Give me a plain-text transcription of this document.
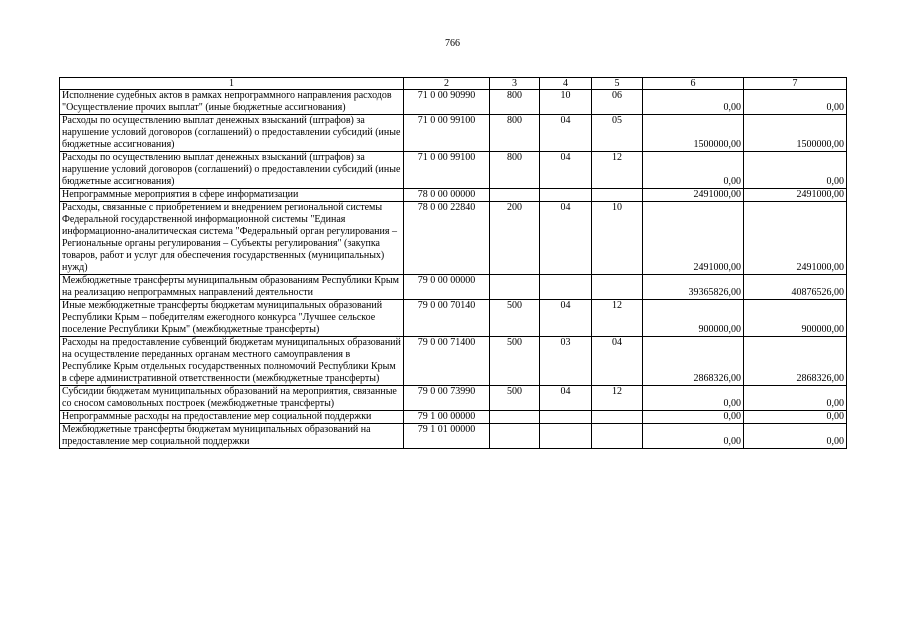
766
1	2	3	4	5	6	7
Исполнение судебных актов в рамках непрограммного направления расходов "Осуществление прочих выплат" (иные бюджетные ассигнования)	71 0 00 90990	800	10	06	0,00	0,00
Расходы по осуществлению выплат денежных взысканий (штрафов) за нарушение условий договоров (соглашений) о предоставлении субсидий (иные бюджетные ассигнования)	71 0 00 99100	800	04	05	1500000,00	1500000,00
Расходы по осуществлению выплат денежных взысканий (штрафов) за нарушение условий договоров (соглашений) о предоставлении субсидий (иные бюджетные ассигнования)	71 0 00 99100	800	04	12	0,00	0,00
Непрограммные мероприятия в сфере информатизации	78 0 00 00000				2491000,00	2491000,00
Расходы, связанные с приобретением и внедрением региональной системы Федеральной государственной информационной системы "Единая информационно-аналитическая система "Федеральный орган регулирования – Региональные органы регулирования – Субъекты регулирования" (закупка товаров, работ и услуг для обеспечения государственных (муниципальных) нужд)	78 0 00 22840	200	04	10	2491000,00	2491000,00
Межбюджетные трансферты муниципальным образованиям Республики Крым на реализацию непрограммных направлений деятельности	79 0 00 00000				39365826,00	40876526,00
Иные межбюджетные трансферты бюджетам муниципальных образований Республики Крым – победителям ежегодного конкурса "Лучшее сельское поселение Республики Крым" (межбюджетные трансферты)	79 0 00 70140	500	04	12	900000,00	900000,00
Расходы на предоставление субвенций бюджетам муниципальных образований на осуществление переданных органам местного самоуправления в Республике Крым отдельных государственных полномочий Республики Крым в сфере административной ответственности (межбюджетные трансферты)	79 0 00 71400	500	03	04	2868326,00	2868326,00
Субсидии бюджетам муниципальных образований на мероприятия, связанные со сносом самовольных построек (межбюджетные трансферты)	79 0 00 73990	500	04	12	0,00	0,00
Непрограммные расходы на предоставление мер социальной поддержки	79 1 00 00000				0,00	0,00
Межбюджетные трансферты бюджетам муниципальных образований на предоставление мер социальной поддержки	79 1 01 00000				0,00	0,00
